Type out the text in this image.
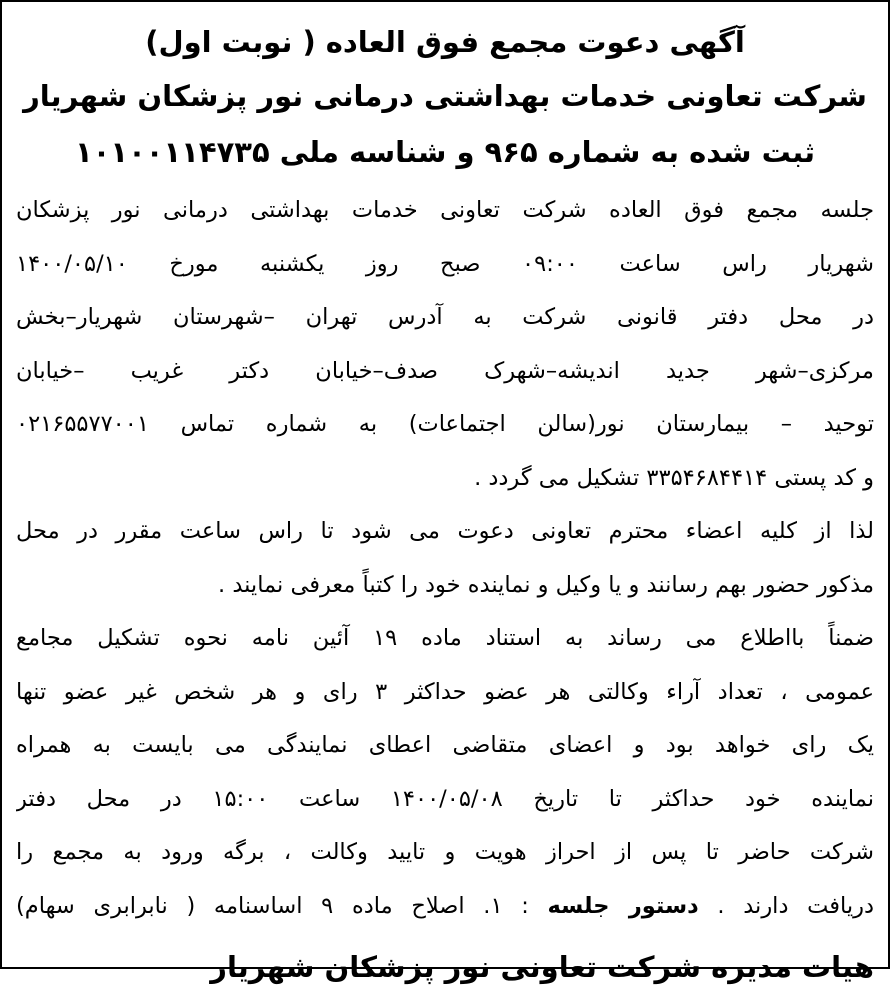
آگهی دعوت مجمع فوق العاده ( نوبت اول)
شرکت تعاونی خدمات بهداشتی درمانی نور پزشکان شهریار
ثبت شده به شماره ۹۶۵ و شناسه ملی ۱۰۱۰۰۱۱۴۷۳۵
جلسه مجمع فوق العاده شرکت تعاونی خدمات بهداشتی درمانی نور پزشکان
شهریار راس ساعت ۰۹:۰۰ صبح روز یکشنبه مورخ ۱۴۰۰/۰۵/۱۰
در محل دفتر قانونی شرکت به آدرس تهران –شهرستان شهریار–بخش
مرکزی–شهر جدید اندیشه–شهرک صدف–خیابان دکتر غریب –خیابان
توحید – بیمارستان نور(سالن اجتماعات) به شماره تماس ۰۲۱۶۵۵۷۷۰۰۱
و کد پستی ۳۳۵۴۶۸۴۴۱۴ تشکیل می گردد .
لذا از کلیه اعضاء محترم تعاونی دعوت می شود تا راس ساعت مقرر در محل
مذکور حضور بهم رسانند و یا وکیل و نماینده خود را کتباً معرفی نمایند .
ضمناً بااطلاع می رساند به استناد ماده ۱۹ آئین نامه نحوه تشکیل مجامع
عمومی ، تعداد آراء وکالتی هر عضو حداکثر ۳ رای و هر شخص غیر عضو تنها
یک رای خواهد بود و اعضای متقاضی اعطای نمایندگی می بایست به همراه
نماینده خود حداکثر تا تاریخ ۱۴۰۰/۰۵/۰۸ ساعت ۱۵:۰۰ در محل دفتر
شرکت حاضر تا پس از احراز هویت و تایید وکالت ، برگه ورود به مجمع را
دریافت دارند . دستور جلسه : ۱. اصلاح ماده ۹ اساسنامه ( نابرابری سهام)
هیات مدیره شرکت تعاونی نور پزشکان شهریار
